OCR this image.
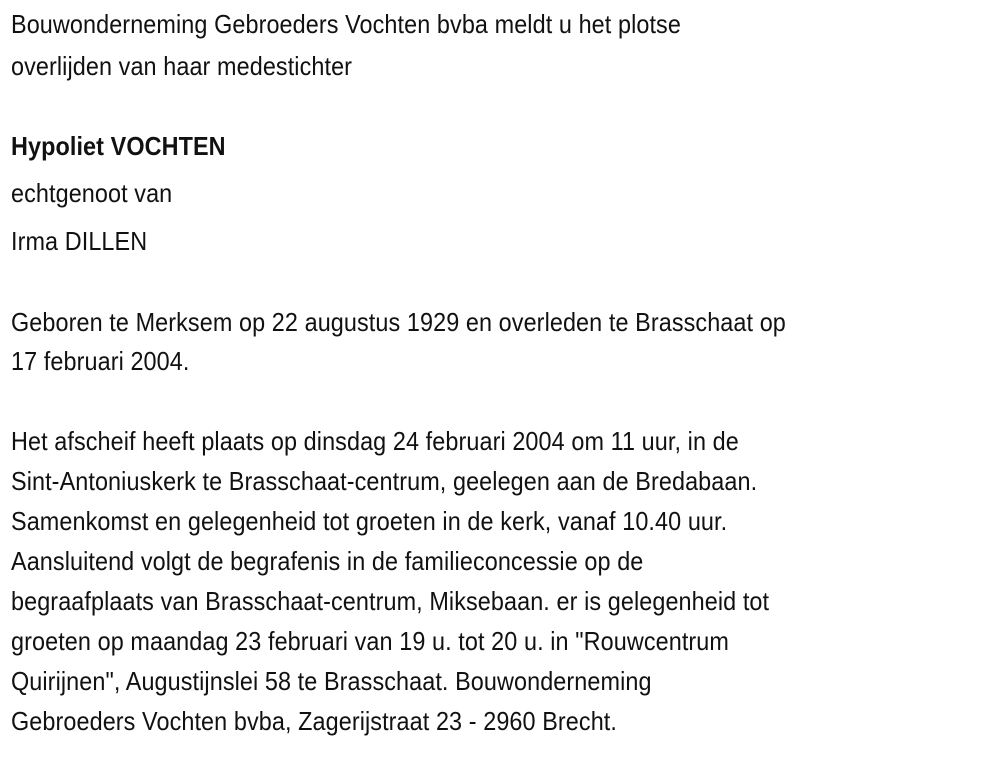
Bouwonderneming Gebroeders Vochten bvba meldt u het plotse
overlijden van haar medestichter
Hypoliet VOCHTEN
echtgenoot van
Irma DILLEN
Geboren te Merksem op 22 augustus 1929 en overleden te Brasschaat op
17 februari 2004.
Het afscheif heeft plaats op dinsdag 24 februari 2004 om 11 uur, in de
Sint-Antoniuskerk te Brasschaat-centrum, geelegen aan de Bredabaan.
Samenkomst en gelegenheid tot groeten in de kerk, vanaf 10.40 uur.
Aansluitend volgt de begrafenis in de familieconcessie op de
begraafplaats van Brasschaat-centrum, Miksebaan. er is gelegenheid tot
groeten op maandag 23 februari van 19 u. tot 20 u. in "Rouwcentrum
Quirijnen", Augustijnslei 58 te Brasschaat. Bouwonderneming
Gebroeders Vochten bvba, Zagerijstraat 23 - 2960 Brecht.
